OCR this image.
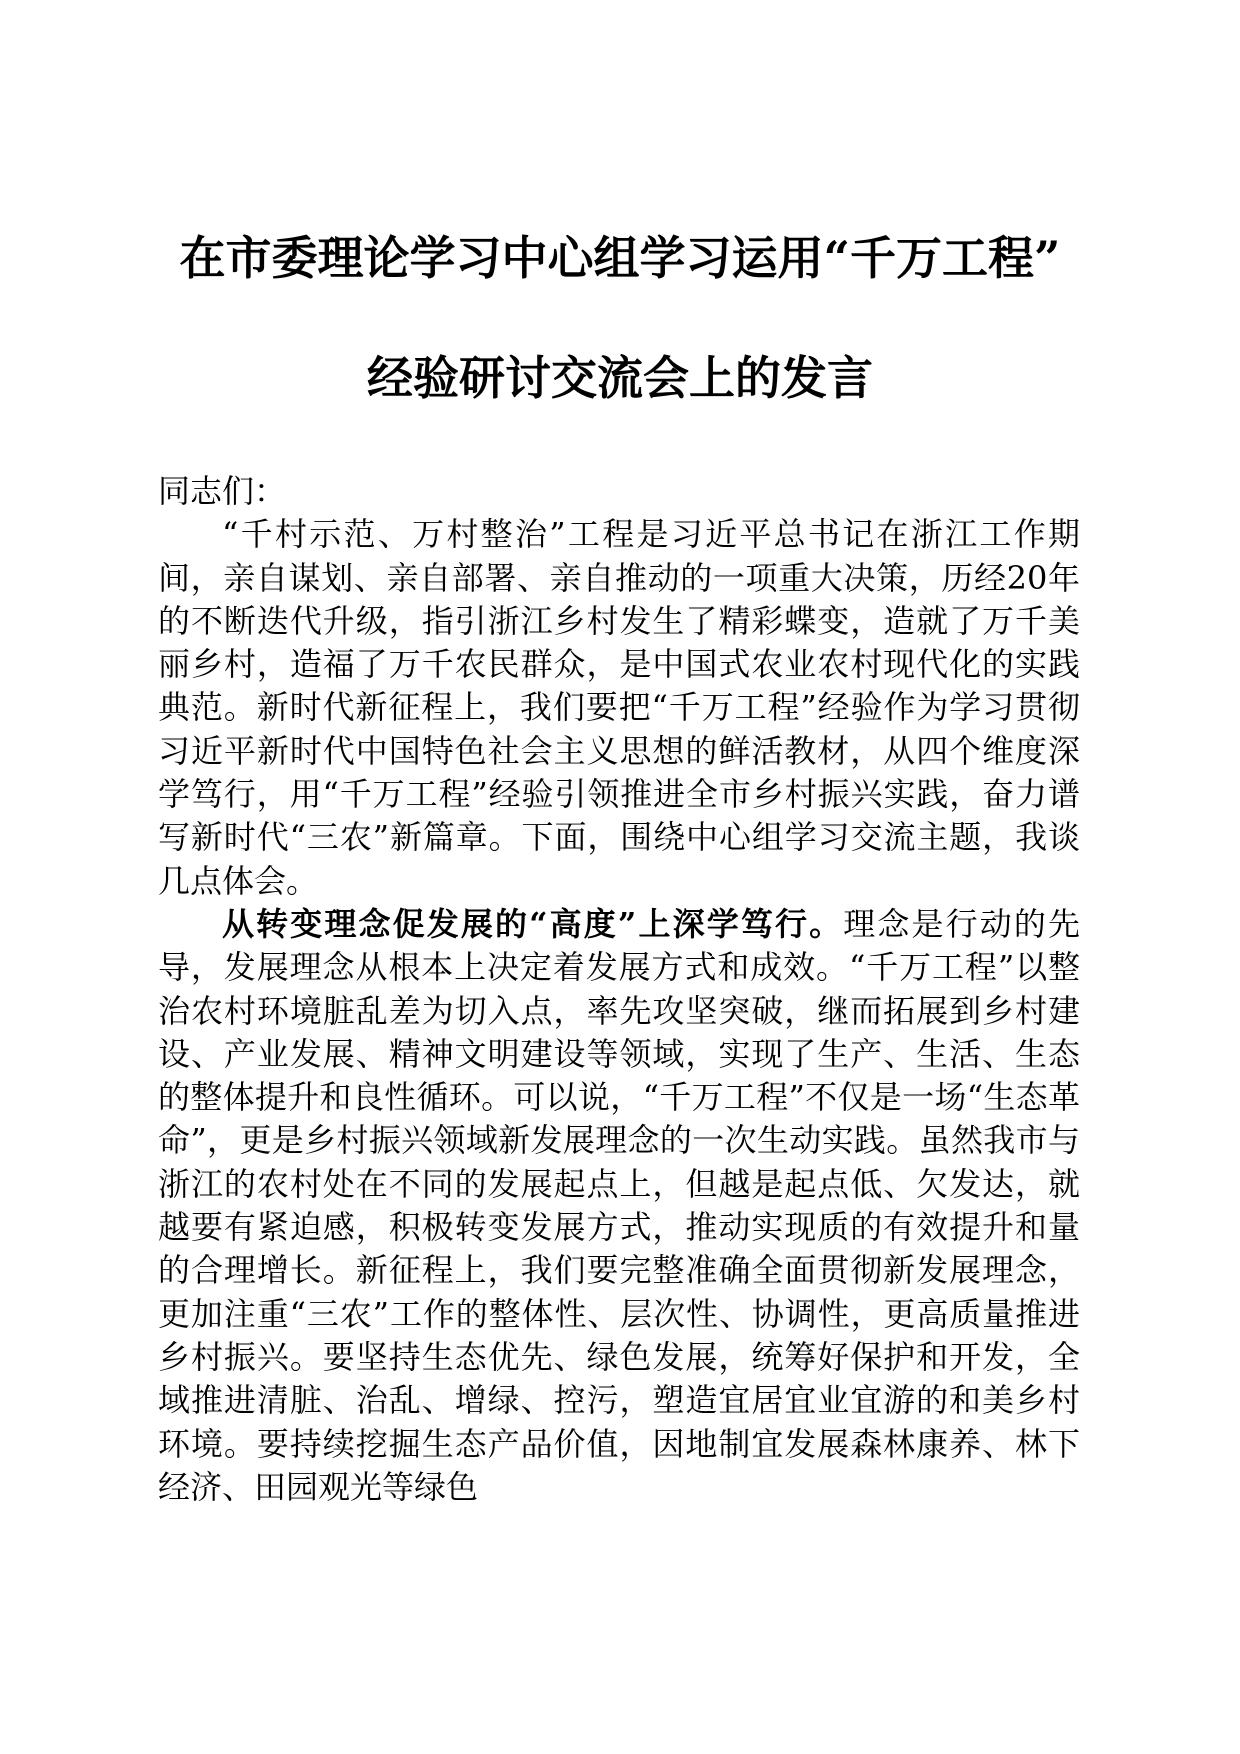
在市委理论学习中心组学习运用“千万工程”
经验研讨交流会上的发言

同志们：

“千村示范、万村整治”工程是习近平总书记在浙江工作期间，亲自谋划、亲自部署、亲自推动的一项重大决策，历经20年的不断迭代升级，指引浙江乡村发生了精彩蝶变，造就了万千美丽乡村，造福了万千农民群众，是中国式农业农村现代化的实践典范。新时代新征程上，我们要把“千万工程”经验作为学习贯彻习近平新时代中国特色社会主义思想的鲜活教材，从四个维度深学笃行，用“千万工程”经验引领推进全市乡村振兴实践，奋力谱写新时代“三农”新篇章。下面，围绕中心组学习交流主题，我谈几点体会。

从转变理念促发展的“高度”上深学笃行。理念是行动的先导，发展理念从根本上决定着发展方式和成效。“千万工程”以整治农村环境脏乱差为切入点，率先攻坚突破，继而拓展到乡村建设、产业发展、精神文明建设等领域，实现了生产、生活、生态的整体提升和良性循环。可以说，“千万工程”不仅是一场“生态革命”，更是乡村振兴领域新发展理念的一次生动实践。虽然我市与浙江的农村处在不同的发展起点上，但越是起点低、欠发达，就越要有紧迫感，积极转变发展方式，推动实现质的有效提升和量的合理增长。新征程上，我们要完整准确全面贯彻新发展理念，更加注重“三农”工作的整体性、层次性、协调性，更高质量推进乡村振兴。要坚持生态优先、绿色发展，统筹好保护和开发，全域推进清脏、治乱、增绿、控污，塑造宜居宜业宜游的和美乡村环境。要持续挖掘生态产品价值，因地制宜发展森林康养、林下经济、田园观光等绿色
